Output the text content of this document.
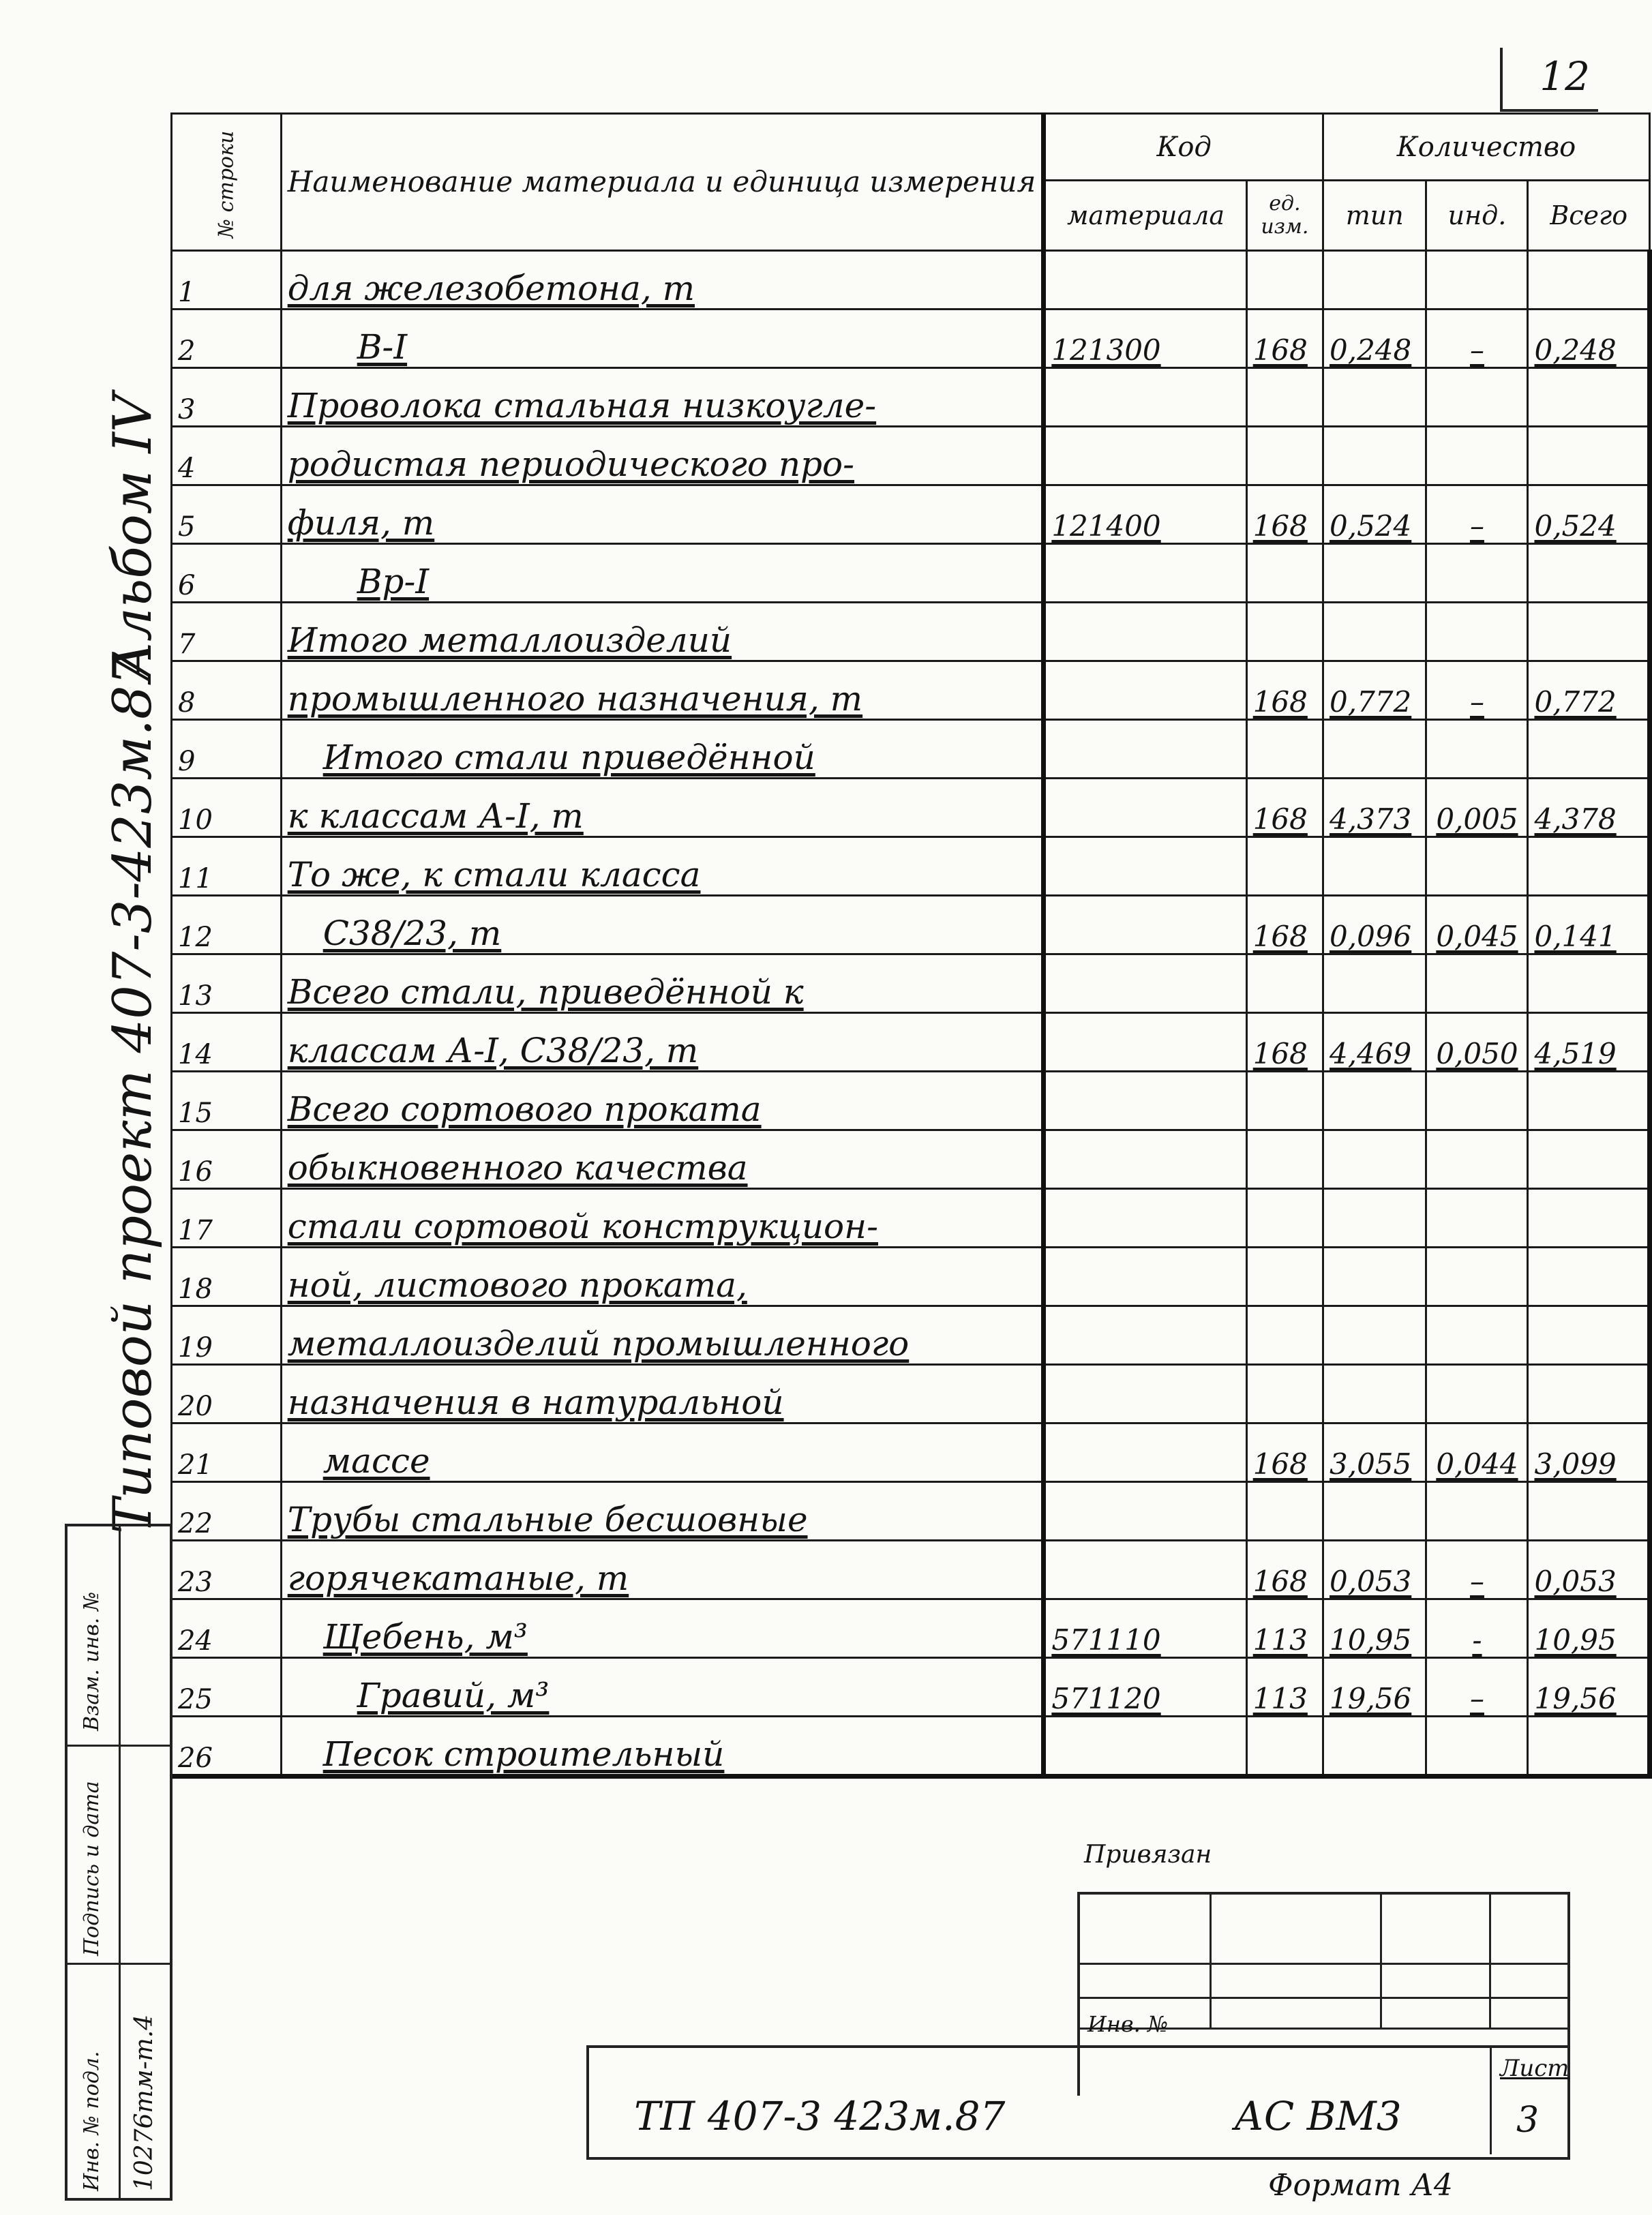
12
Альбом IV
Типовой проект 407-3-423м.87
№ строки	Наименование материала и единица измерения	Код		Количество		
		материала	ед. изм.	тип	инд.	Всего
1	для железобетона, т					
2	В-I	121300	168	0,248	–	0,248
3	Проволока стальная низкоугле-					
4	родистая периодического про-					
5	филя, т	121400	168	0,524	–	0,524
6	Вр-I					
7	Итого металлоизделий					
8	промышленного назначения, т		168	0,772	–	0,772
9	Итого стали приведённой					
10	к классам А-I, т		168	4,373	0,005	4,378
11	То же, к стали класса					
12	С38/23, т		168	0,096	0,045	0,141
13	Всего стали, приведённой к					
14	классам А-I, С38/23, т		168	4,469	0,050	4,519
15	Всего сортового проката					
16	обыкновенного качества					
17	стали сортовой конструкцион-					
18	ной, листового проката,					
19	металлоизделий промышленного					
20	назначения в натуральной					
21	массе		168	3,055	0,044	3,099
22	Трубы стальные бесшовные					
23	горячекатаные, т		168	0,053	–	0,053
24	Щебень, м³	571110	113	10,95	-	10,95
25	Гравий, м³	571120	113	19,56	–	19,56
26	Песок строительный					
Взам. инв. №
Подпись и дата
Инв. № подл. 10276тм-т.4
Привязан
Инв. №
ТП 407-3 423м.87	АС ВМ3
Лист
3
Формат А4
